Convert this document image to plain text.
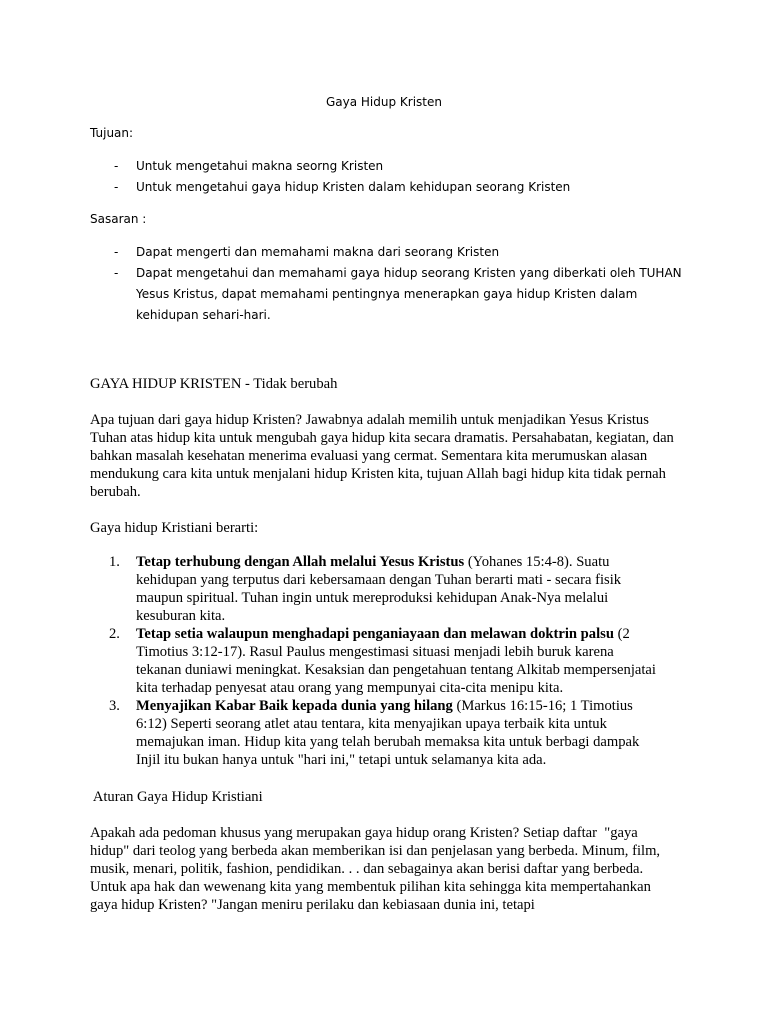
Gaya Hidup Kristen
Tujuan:
- Untuk mengetahui makna seorng Kristen
- Untuk mengetahui gaya hidup Kristen dalam kehidupan seorang Kristen
Sasaran :
- Dapat mengerti dan memahami makna dari seorang Kristen
- Dapat mengetahui dan memahami gaya hidup seorang Kristen yang diberkati oleh TUHAN Yesus Kristus, dapat memahami pentingnya menerapkan gaya hidup Kristen dalam kehidupan sehari-hari.
GAYA HIDUP KRISTEN - Tidak berubah

Apa tujuan dari gaya hidup Kristen? Jawabnya adalah memilih untuk menjadikan Yesus Kristus Tuhan atas hidup kita untuk mengubah gaya hidup kita secara dramatis. Persahabatan, kegiatan, dan bahkan masalah kesehatan menerima evaluasi yang cermat. Sementara kita merumuskan alasan mendukung cara kita untuk menjalani hidup Kristen kita, tujuan Allah bagi hidup kita tidak pernah berubah.

Gaya hidup Kristiani berarti:
1. Tetap terhubung dengan Allah melalui Yesus Kristus (Yohanes 15:4-8). Suatu kehidupan yang terputus dari kebersamaan dengan Tuhan berarti mati - secara fisik maupun spiritual. Tuhan ingin untuk mereproduksi kehidupan Anak-Nya melalui kesuburan kita.
2. Tetap setia walaupun menghadapi penganiayaan dan melawan doktrin palsu (2 Timotius 3:12-17). Rasul Paulus mengestimasi situasi menjadi lebih buruk karena tekanan duniawi meningkat. Kesaksian dan pengetahuan tentang Alkitab mempersenjatai kita terhadap penyesat atau orang yang mempunyai cita-cita menipu kita.
3. Menyajikan Kabar Baik kepada dunia yang hilang (Markus 16:15-16; 1 Timotius 6:12) Seperti seorang atlet atau tentara, kita menyajikan upaya terbaik kita untuk memajukan iman. Hidup kita yang telah berubah memaksa kita untuk berbagi dampak Injil itu bukan hanya untuk "hari ini," tetapi untuk selamanya kita ada.
Aturan Gaya Hidup Kristiani

Apakah ada pedoman khusus yang merupakan gaya hidup orang Kristen? Setiap daftar  "gaya hidup" dari teolog yang berbeda akan memberikan isi dan penjelasan yang berbeda. Minum, film, musik, menari, politik, fashion, pendidikan. . . dan sebagainya akan berisi daftar yang berbeda.  Untuk apa hak dan wewenang kita yang membentuk pilihan kita sehingga kita mempertahankan gaya hidup Kristen? "Jangan meniru perilaku dan kebiasaan dunia ini, tetapi
